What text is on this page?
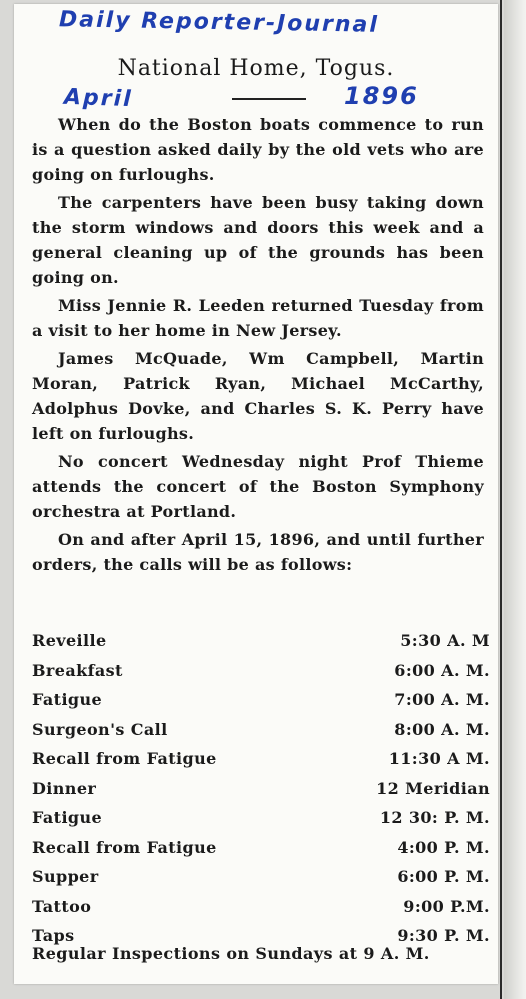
Daily Reporter-Journal
National Home, Togus.
April	1896

When do the Boston boats commence to run is a question asked daily by the old vets who are going on furloughs.

The carpenters have been busy taking down the storm windows and doors this week and a general cleaning up of the grounds has been going on.

Miss Jennie R. Leeden returned Tuesday from a visit to her home in New Jersey.

James McQuade, Wm Campbell, Martin Moran, Patrick Ryan, Michael McCarthy, Adolphus Dovke, and Charles S. K. Perry have left on furloughs.

No concert Wednesday night Prof Thieme attends the concert of the Boston Symphony orchestra at Portland.

On and after April 15, 1896, and until further orders, the calls will be as follows:

Reveille	5:30 A. M
Breakfast	6:00 A. M.
Fatigue	7:00 A. M.
Surgeon's Call	8:00 A. M.
Recall from Fatigue	11:30 A M.
Dinner	12 Meridian
Fatigue	12 30: P. M.
Recall from Fatigue	4:00 P. M.
Supper	6:00 P. M.
Tattoo	9:00 P.M.
Taps	9:30 P. M.
Regular Inspections on Sundays at 9 A. M.
